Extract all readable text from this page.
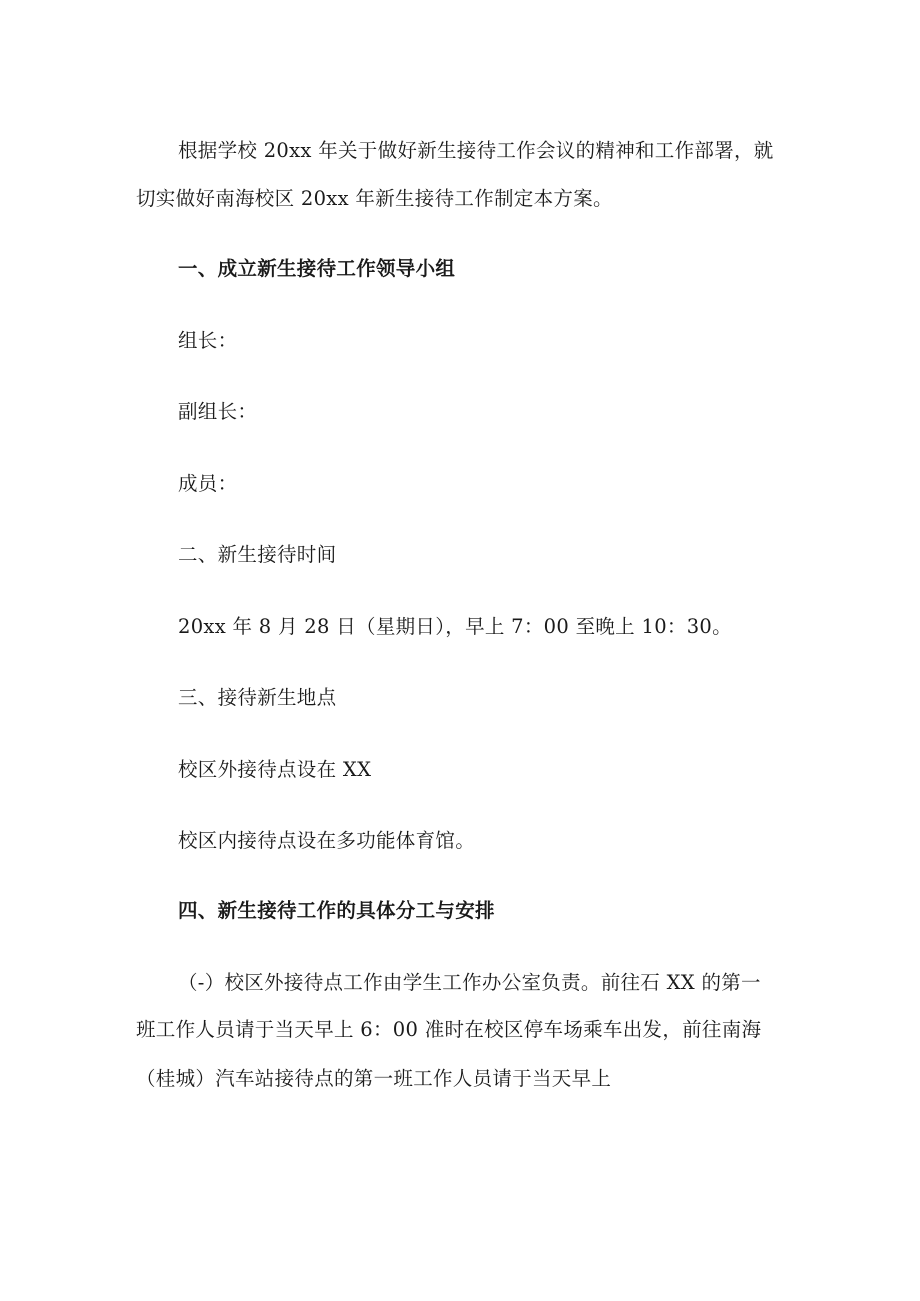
根据学校 20xx 年关于做好新生接待工作会议的精神和工作部署，就
切实做好南海校区 20xx 年新生接待工作制定本方案。
一、成立新生接待工作领导小组
组长：
副组长：
成员：
二、新生接待时间
20xx 年 8 月 28 日（星期日），早上 7：00 至晚上 10：30。
三、接待新生地点
校区外接待点设在 XX
校区内接待点设在多功能体育馆。
四、新生接待工作的具体分工与安排
（-）校区外接待点工作由学生工作办公室负责。前往石 XX 的第一
班工作人员请于当天早上 6：00 准时在校区停车场乘车出发，前往南海
（桂城）汽车站接待点的第一班工作人员请于当天早上
